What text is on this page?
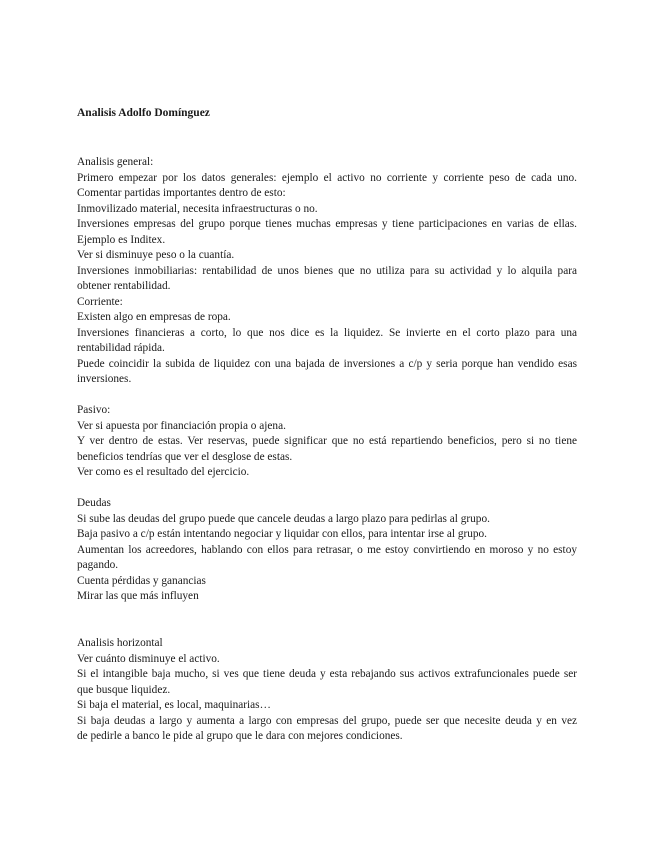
Analisis Adolfo Domínguez
Analisis general:
Primero empezar por los datos generales: ejemplo el activo no corriente y corriente peso de cada uno.
Comentar partidas importantes dentro de esto:
Inmovilizado material, necesita infraestructuras o no.
Inversiones empresas del grupo porque tienes muchas empresas y tiene participaciones en varias de ellas.
Ejemplo es Inditex.
Ver si disminuye peso o la cuantía.
Inversiones inmobiliarias: rentabilidad de unos bienes que no utiliza para su actividad y lo alquila para
obtener rentabilidad.
Corriente:
Existen algo en empresas de ropa.
Inversiones financieras a corto, lo que nos dice es la liquidez. Se invierte en el corto plazo para una
rentabilidad rápida.
Puede coincidir la subida de liquidez con una bajada de inversiones a c/p y seria porque han vendido esas
inversiones.
Pasivo:
Ver si apuesta por financiación propia o ajena.
Y ver dentro de estas. Ver reservas, puede significar que no está repartiendo beneficios, pero si no tiene
beneficios tendrías que ver el desglose de estas.
Ver como es el resultado del ejercicio.
Deudas
Si sube las deudas del grupo puede que cancele deudas a largo plazo para pedirlas al grupo.
Baja pasivo a c/p están intentando negociar y liquidar con ellos, para intentar irse al grupo.
Aumentan los acreedores, hablando con ellos para retrasar, o me estoy convirtiendo en moroso y no estoy
pagando.
Cuenta pérdidas y ganancias
Mirar las que más influyen
Analisis horizontal
Ver cuánto disminuye el activo.
Si el intangible baja mucho, si ves que tiene deuda y esta rebajando sus activos extrafuncionales puede ser
que busque liquidez.
Si baja el material, es local, maquinarias…
Si baja deudas a largo y aumenta a largo con empresas del grupo, puede ser que necesite deuda y en vez
de pedirle a banco le pide al grupo que le dara con mejores condiciones.
